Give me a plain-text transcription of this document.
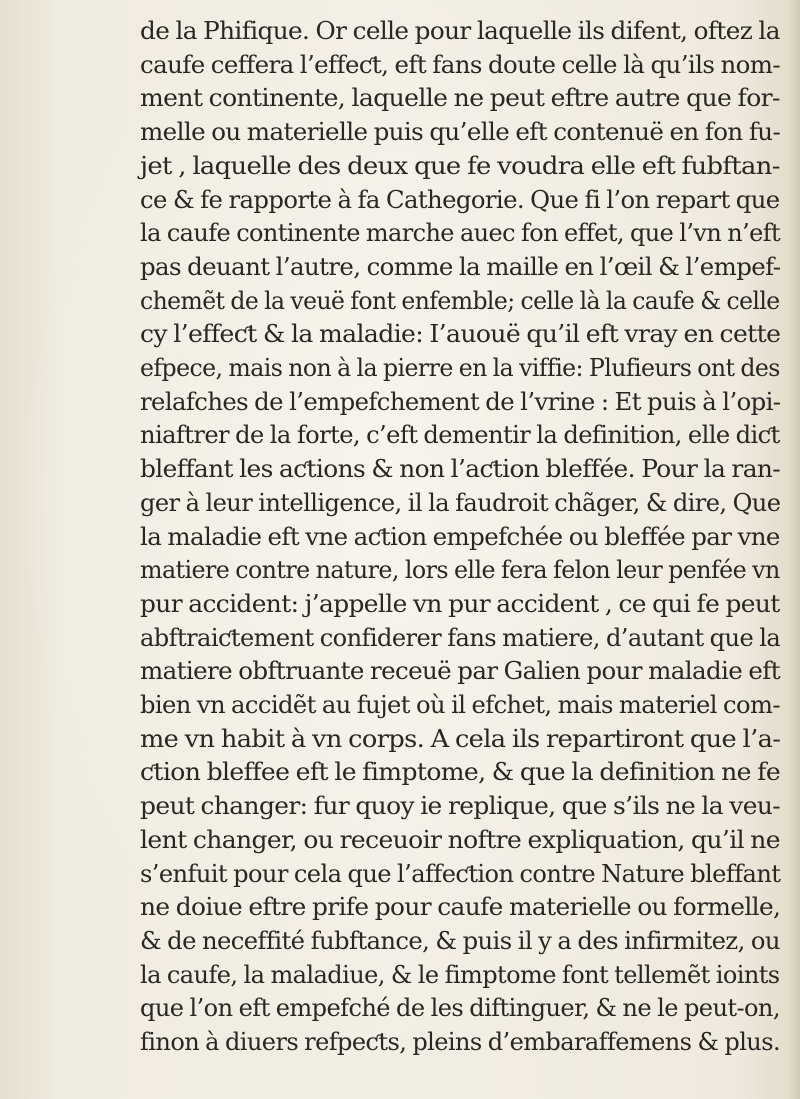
de la Phifique. Or celle pour laquelle ils difent, oftez la
caufe ceffera l’effeƈt, eft fans doute celle là qu’ils nom-
ment continente, laquelle ne peut eftre autre que for-
melle ou materielle puis qu’elle eft contenuë en fon fu-
jet , laquelle des deux que fe voudra elle eft fubftan-
ce & fe rapporte à fa Cathegorie. Que fi l’on repart que
la caufe continente marche auec fon effet, que l’vn n’eft
pas deuant l’autre, comme la maille en l’œil & l’empef-
chemẽt de la veuë font enfemble; celle là la caufe & celle
cy l’effeƈt & la maladie: I’auouë qu’il eft vray en cette
efpece, mais non à la pierre en la viffie: Plufieurs ont des
relafches de l’empefchement de l’vrine : Et puis à l’opi-
niaftrer de la forte, c’eft dementir la definition, elle diƈt
bleffant les aƈtions & non l’aƈtion bleffée. Pour la ran-
ger à leur intelligence, il la faudroit chãger, & dire, Que
la maladie eft vne aƈtion empefchée ou bleffée par vne
matiere contre nature, lors elle fera felon leur penfée vn
pur accident: j’appelle vn pur accident , ce qui fe peut
abftraiƈtement confiderer fans matiere, d’autant que la
matiere obftruante receuë par Galien pour maladie eft
bien vn accidẽt au fujet où il efchet, mais materiel com-
me vn habit à vn corps. A cela ils repartiront que l’a-
ƈtion bleffee eft le fimptome, & que la definition ne fe
peut changer: fur quoy ie replique, que s’ils ne la veu-
lent changer, ou receuoir noftre expliquation, qu’il ne
s’enfuit pour cela que l’affeƈtion contre Nature bleffant
ne doiue eftre prife pour caufe materielle ou formelle,
& de neceffité fubftance, & puis il y a des infirmitez, ou
la caufe, la maladiue, & le fimptome font tellemẽt ioints
que l’on eft empefché de les diftinguer, & ne le peut-on,
finon à diuers refpeƈts, pleins d’embaraffemens & plus.
